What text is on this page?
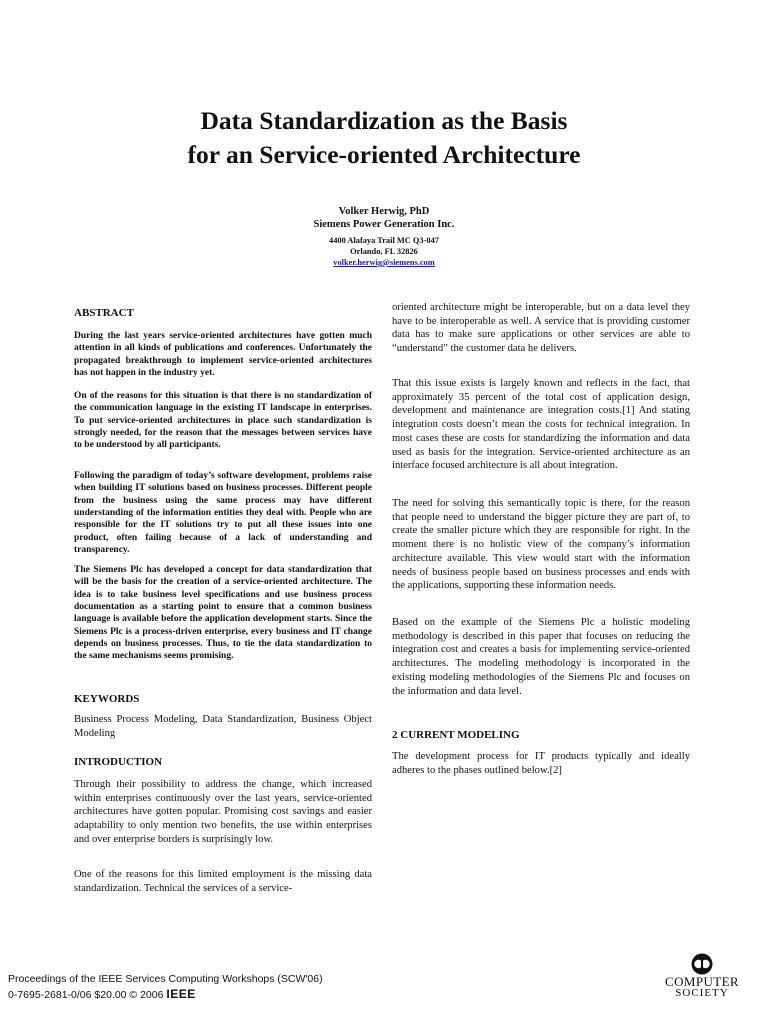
Data Standardization as the Basis
for an Service-oriented Architecture
Volker Herwig, PhD
Siemens Power Generation Inc.
4400 Alafaya Trail MC Q3-047
Orlando, FL 32826
volker.herwig@siemens.com
ABSTRACT
During the last years service-oriented architectures have gotten much attention in all kinds of publications and conferences. Unfortunately the propagated breakthrough to implement service-oriented architectures has not happen in the industry yet.
On of the reasons for this situation is that there is no standardization of the communication language in the existing IT landscape in enterprises. To put service-oriented architectures in place such standardization is strongly needed, for the reason that the messages between services have to be understood by all participants.
Following the paradigm of today’s software development, problems raise when building IT solutions based on business processes. Different people from the business using the same process may have different understanding of the information entities they deal with. People who are responsible for the IT solutions try to put all these issues into one product, often failing because of a lack of understanding and transparency.
The Siemens Plc has developed a concept for data standardization that will be the basis for the creation of a service-oriented architecture. The idea is to take business level specifications and use business process documentation as a starting point to ensure that a common business language is available before the application development starts. Since the Siemens Plc is a process-driven enterprise, every business and IT change depends on business processes. Thus, to tie the data standardization to the same mechanisms seems promising.
KEYWORDS
Business Process Modeling, Data Standardization, Business Object Modeling
INTRODUCTION
Through their possibility to address the change, which increased within enterprises continuously over the last years, service-oriented architectures have gotten popular. Promising cost savings and easier adaptability to only mention two benefits, the use within enterprises and over enterprise borders is surprisingly low.
One of the reasons for this limited employment is the missing data standardization. Technical the services of a service-
oriented architecture might be interoperable, but on a data level they have to be interoperable as well. A service that is providing customer data has to make sure applications or other services are able to “understand” the customer data he delivers.
That this issue exists is largely known and reflects in the fact, that approximately 35 percent of the total cost of application design, development and maintenance are integration costs.[1] And stating integration costs doesn’t mean the costs for technical integration. In most cases these are costs for standardizing the information and data used as basis for the integration. Service-oriented architecture as an interface focused architecture is all about integration.
The need for solving this semantically topic is there, for the reason that people need to understand the bigger picture they are part of, to create the smaller picture which they are responsible for right. In the moment there is no holistic view of the company’s information architecture available. This view would start with the information needs of business people based on business processes and ends with the applications, supporting these information needs.
Based on the example of the Siemens Plc a holistic modeling methodology is described in this paper that focuses on reducing the integration cost and creates a basis for implementing service-oriented architectures. The modeling methodology is incorporated in the existing modeling methodologies of the Siemens Plc and focuses on the information and data level.
2 CURRENT MODELING
The development process for IT products typically and ideally adheres to the phases outlined below.[2]
Proceedings of the IEEE Services Computing Workshops (SCW'06)
0-7695-2681-0/06 $20.00 © 2006 IEEE
COMPUTER
SOCIETY
